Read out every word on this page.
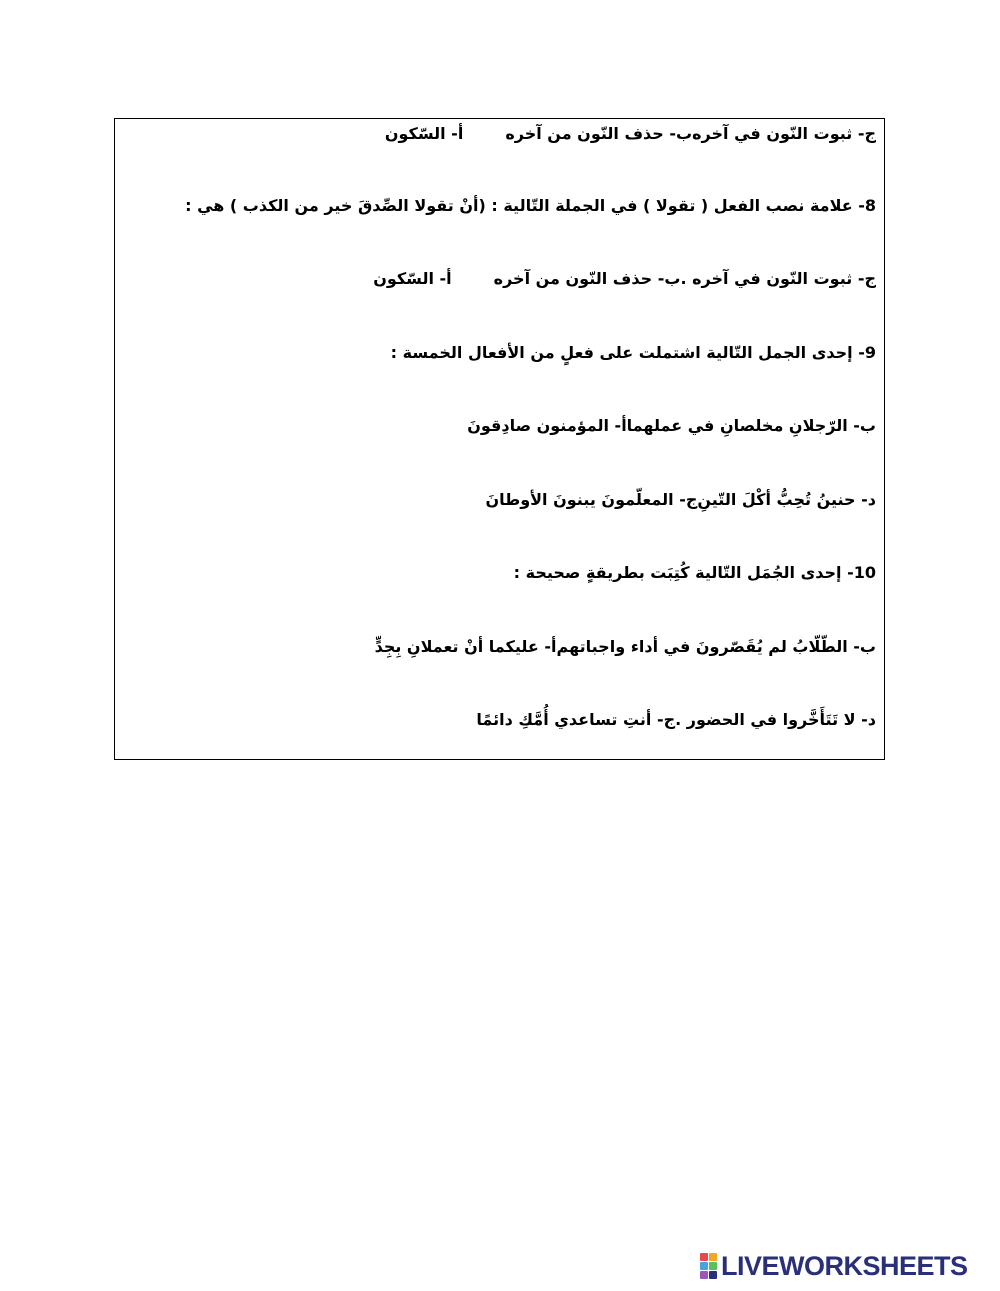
أ- السّكون	ب- حذف النّون من آخرهج- ثبوت النّون في آخره
8- علامة نصب الفعل ( تقولا ) في الجملة التّالية : (أنْ تقولا الصِّدقَ خير من الكذب ) هي :
أ- السّكون	ب- حذف النّون من آخرهج- ثبوت النّون في آخره .
9- إحدى الجمل التّالية اشتملت على فعلٍ من الأفعال الخمسة :
أ- المؤمنون صادِقونَب- الرّجلانِ مخلصانِ في عملهما
ج- المعلّمونَ يبنونَ الأوطانَد- حنينُ تُحِبُّ أكْلَ التّينِ
10- إحدى الجُمَل التّالية كُتِبَت بطريقةٍ صحيحة :
أ- عليكما أنْ تعملانِ بِجِدٍّب- الطّلّابُ لم يُقَصّرونَ في أداء واجباتهم
ج- أنتِ تساعدي أُمَّكِ دائمًاد- لا تَتَأَخَّروا في الحضور .
LIVEWORKSHEETS
